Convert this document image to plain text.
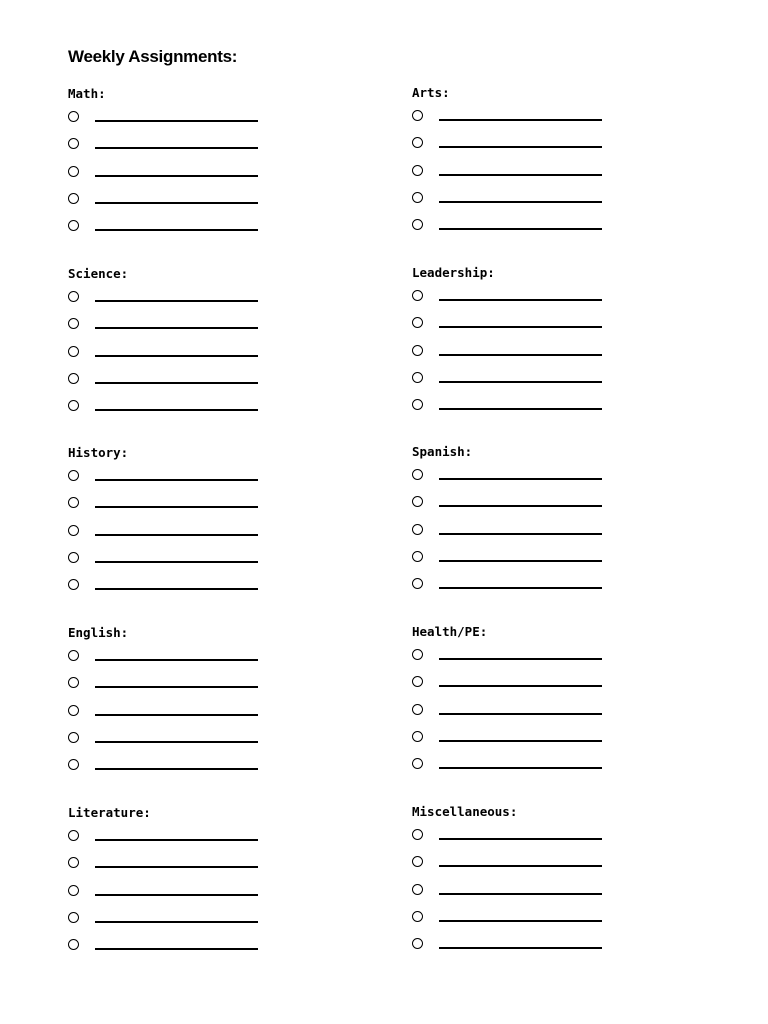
Weekly Assignments:
Math:	Arts:
Science:	Leadership:
History:	Spanish:
English:	Health/PE:
Literature:	Miscellaneous:
